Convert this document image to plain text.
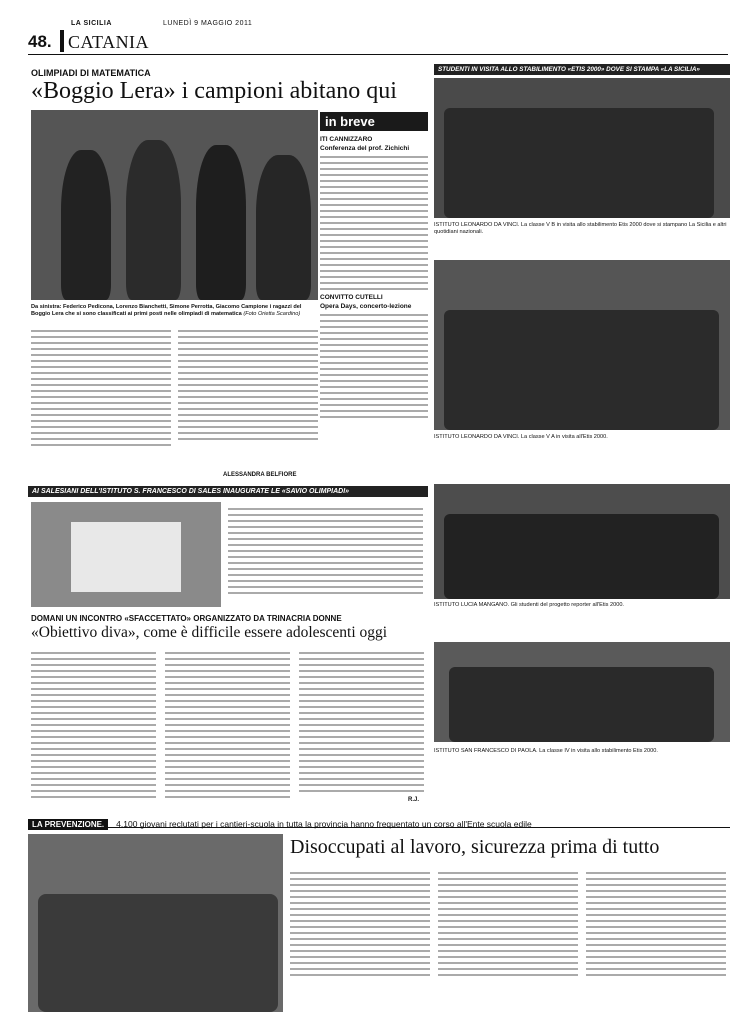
LA SICILIA	LUNEDÌ 9 MAGGIO 2011
48. CATANIA
OLIMPIADI DI MATEMATICA
«Boggio Lera» i campioni abitano qui
Da sinistra: Federico Pedicona, Lorenzo Bianchetti, Simone Perrotta, Giacomo Campione i ragazzi del Boggio Lera che si sono classificati ai primi posti nelle olimpiadi di matematica (Foto Orietta Scardino)
ALESSANDRA BELFIORE
in breve
ITI CANNIZZARO
Conferenza del prof. Zichichi
CONVITTO CUTELLI
Opera Days, concerto-lezione
STUDENTI IN VISITA ALLO STABILIMENTO «ETIS 2000» DOVE SI STAMPA «LA SICILIA»
ISTITUTO LEONARDO DA VINCI. La classe V B in visita allo stabilimento Etis 2000 dove si stampano La Sicilia e altri quotidiani nazionali.
ISTITUTO LEONARDO DA VINCI. La classe V A in visita all'Etis 2000.
ISTITUTO LUCIA MANGANO. Gli studenti del progetto reporter all'Etis 2000.
ISTITUTO SAN FRANCESCO DI PAOLA. La classe IV in visita allo stabilimento Etis 2000.
AI SALESIANI DELL'ISTITUTO S. FRANCESCO DI SALES INAUGURATE LE «SAVIO OLIMPIADI»
DOMANI UN INCONTRO «SFACCETTATO» ORGANIZZATO DA TRINACRIA DONNE
«Obiettivo diva», come è difficile essere adolescenti oggi
R.J.
LA PREVENZIONE. 4.100 giovani reclutati per i cantieri-scuola in tutta la provincia hanno frequentato un corso all'Ente scuola edile
Disoccupati al lavoro, sicurezza prima di tutto
